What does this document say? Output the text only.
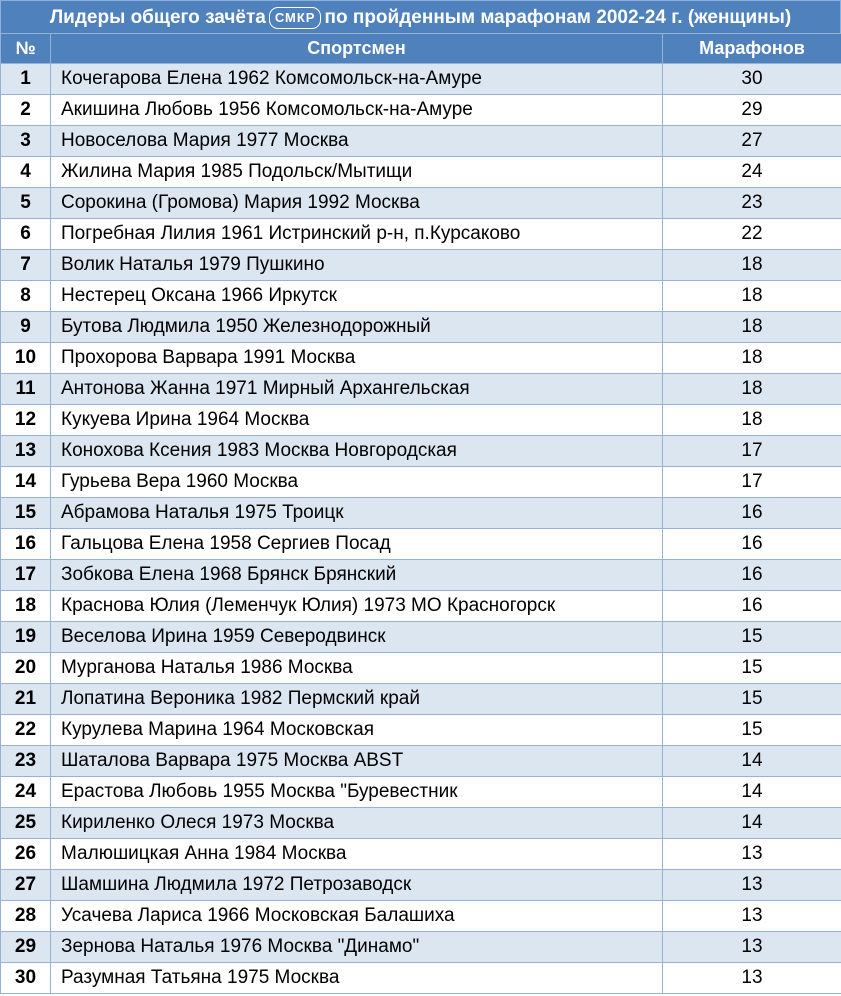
Лидеры общего зачёта СМКР по пройденным марафонам 2002-24 г. (женщины)
№	Спортсмен	Марафонов
1	Кочегарова Елена 1962 Комсомольск-на-Амуре	30
2	Акишина Любовь 1956 Комсомольск-на-Амуре	29
3	Новоселова Мария 1977 Москва	27
4	Жилина Мария 1985 Подольск/Мытищи	24
5	Сорокина (Громова) Мария 1992 Москва	23
6	Погребная Лилия 1961 Истринский р-н, п.Курсаково	22
7	Волик Наталья 1979 Пушкино	18
8	Нестерец Оксана 1966 Иркутск	18
9	Бутова Людмила 1950 Железнодорожный	18
10	Прохорова Варвара 1991 Москва	18
11	Антонова Жанна 1971 Мирный Архангельская	18
12	Кукуева Ирина 1964 Москва	18
13	Конохова Ксения 1983 Москва Новгородская	17
14	Гурьева Вера 1960 Москва	17
15	Абрамова Наталья 1975 Троицк	16
16	Гальцова Елена 1958 Сергиев Посад	16
17	Зобкова Елена 1968 Брянск Брянский	16
18	Краснова Юлия (Леменчук Юлия) 1973 МО Красногорск	16
19	Веселова Ирина 1959 Северодвинск	15
20	Мурганова Наталья 1986 Москва	15
21	Лопатина Вероника 1982 Пермский край	15
22	Курулева Марина 1964 Московская	15
23	Шаталова Варвара 1975 Москва ABST	14
24	Ерастова Любовь 1955 Москва "Буревестник	14
25	Кириленко Олеся 1973 Москва	14
26	Малюшицкая Анна 1984 Москва	13
27	Шамшина Людмила 1972 Петрозаводск	13
28	Усачева Лариса 1966 Московская Балашиха	13
29	Зернова Наталья 1976 Москва "Динамо"	13
30	Разумная Татьяна 1975 Москва	13
